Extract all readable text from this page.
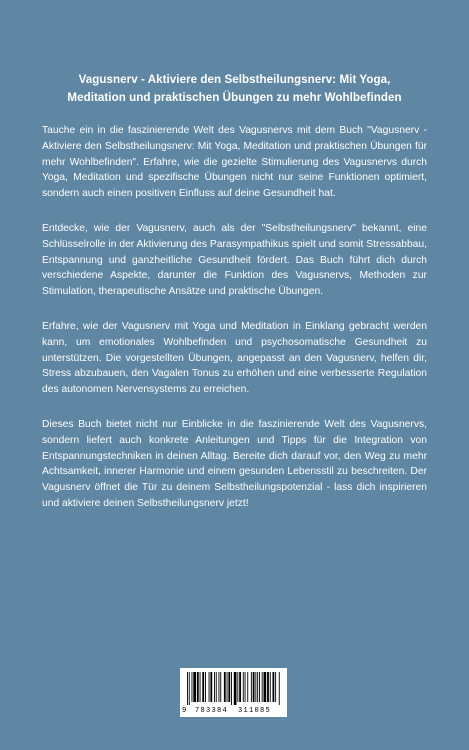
Vagusnerv - Aktiviere den Selbstheilungsnerv: Mit Yoga,
Meditation und praktischen Übungen zu mehr Wohlbefinden

Tauche ein in die faszinierende Welt des Vagusnervs mit dem Buch "Vagusnerv - Aktiviere den Selbstheilungsnerv: Mit Yoga, Meditation und praktischen Übungen für mehr Wohlbefinden". Erfahre, wie die gezielte Stimulierung des Vagusnervs durch Yoga, Meditation und spezifische Übungen nicht nur seine Funktionen optimiert, sondern auch einen positiven Einfluss auf deine Gesundheit hat.

Entdecke, wie der Vagusnerv, auch als der "Selbstheilungsnerv" bekannt, eine Schlüsselrolle in der Aktivierung des Parasympathikus spielt und somit Stressabbau, Entspannung und ganzheitliche Gesundheit fördert. Das Buch führt dich durch verschiedene Aspekte, darunter die Funktion des Vagusnervs, Methoden zur Stimulation, therapeutische Ansätze und praktische Übungen.

Erfahre, wie der Vagusnerv mit Yoga und Meditation in Einklang gebracht werden kann, um emotionales Wohlbefinden und psychosomatische Gesundheit zu unterstützen. Die vorgestellten Übungen, angepasst an den Vagusnerv, helfen dir, Stress abzubauen, den Vagalen Tonus zu erhöhen und eine verbesserte Regulation des autonomen Nervensystems zu erreichen.

Dieses Buch bietet nicht nur Einblicke in die faszinierende Welt des Vagusnervs, sondern liefert auch konkrete Anleitungen und Tipps für die Integration von Entspannungstechniken in deinen Alltag. Bereite dich darauf vor, den Weg zu mehr Achtsamkeit, innerer Harmonie und einem gesunden Lebensstil zu beschreiten. Der Vagusnerv öffnet die Tür zu deinem Selbstheilungspotenzial - lass dich inspirieren und aktiviere deinen Selbstheilungsnerv jetzt!

9 783384 311085
